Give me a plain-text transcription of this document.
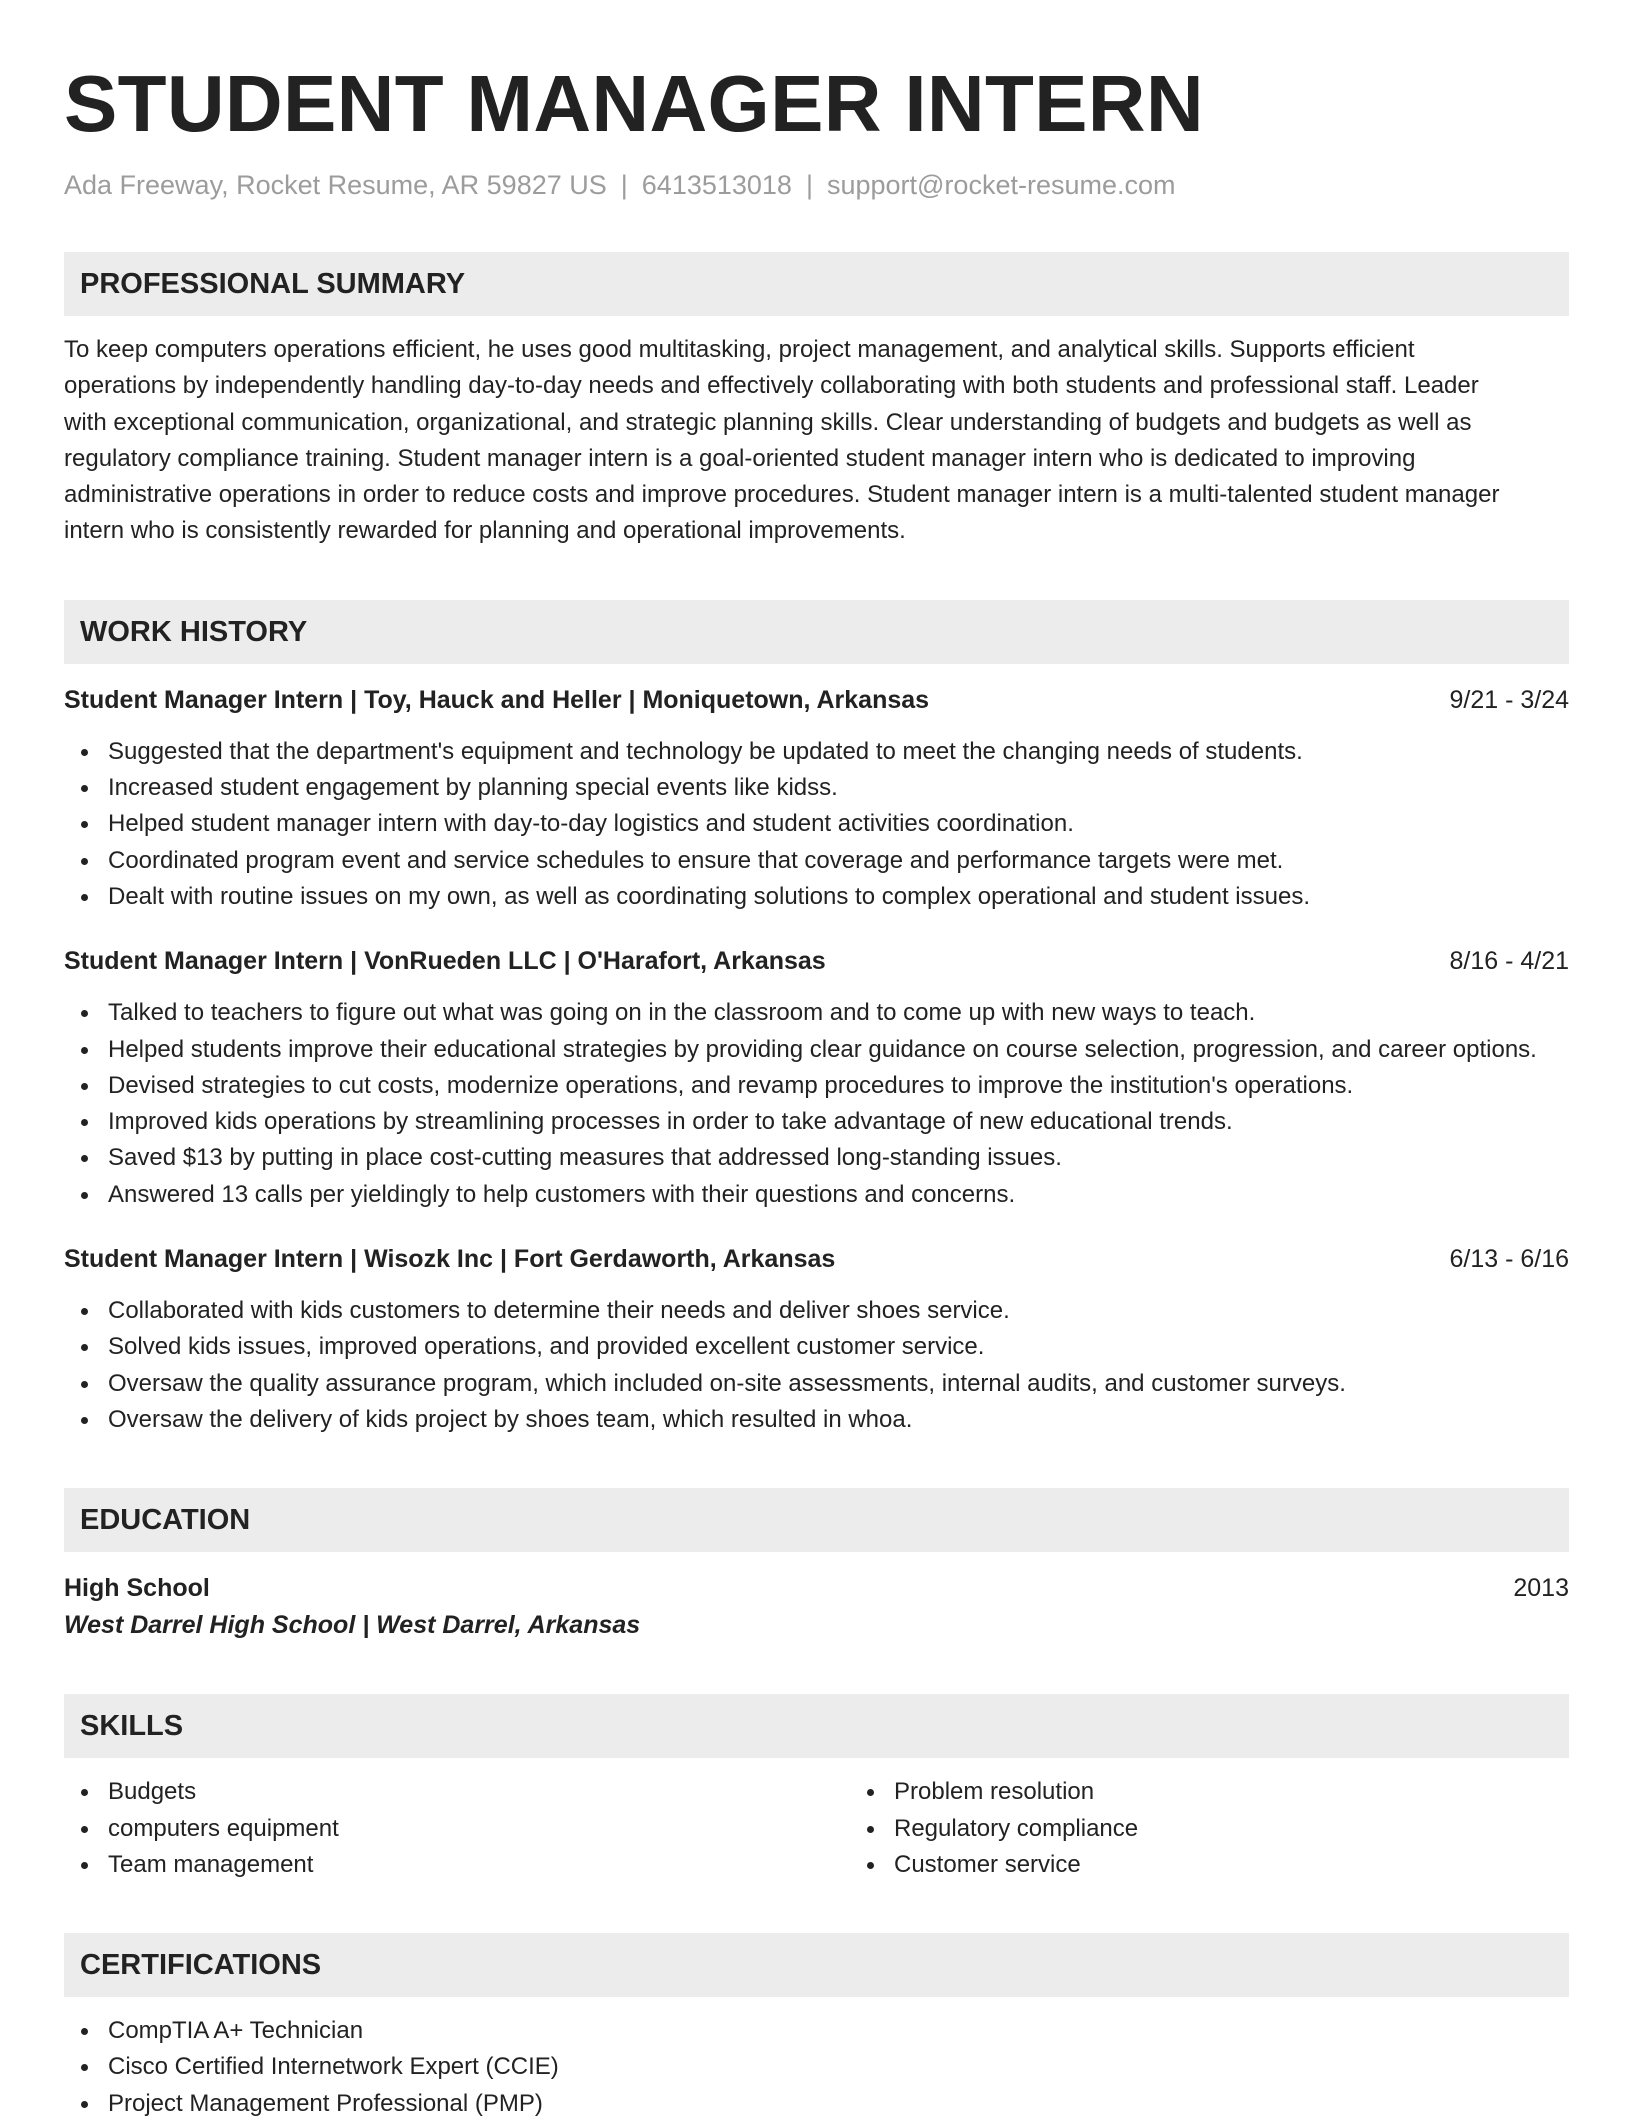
STUDENT MANAGER INTERN
Ada Freeway, Rocket Resume, AR 59827 US | 6413513018 | support@rocket-resume.com
PROFESSIONAL SUMMARY
To keep computers operations efficient, he uses good multitasking, project management, and analytical skills. Supports efficient
operations by independently handling day-to-day needs and effectively collaborating with both students and professional staff. Leader
with exceptional communication, organizational, and strategic planning skills. Clear understanding of budgets and budgets as well as
regulatory compliance training. Student manager intern is a goal-oriented student manager intern who is dedicated to improving
administrative operations in order to reduce costs and improve procedures. Student manager intern is a multi-talented student manager
intern who is consistently rewarded for planning and operational improvements.
WORK HISTORY
Student Manager Intern | Toy, Hauck and Heller | Moniquetown, Arkansas	9/21 - 3/24
Suggested that the department's equipment and technology be updated to meet the changing needs of students.
Increased student engagement by planning special events like kidss.
Helped student manager intern with day-to-day logistics and student activities coordination.
Coordinated program event and service schedules to ensure that coverage and performance targets were met.
Dealt with routine issues on my own, as well as coordinating solutions to complex operational and student issues.
Student Manager Intern | VonRueden LLC | O'Harafort, Arkansas	8/16 - 4/21
Talked to teachers to figure out what was going on in the classroom and to come up with new ways to teach.
Helped students improve their educational strategies by providing clear guidance on course selection, progression, and career options.
Devised strategies to cut costs, modernize operations, and revamp procedures to improve the institution's operations.
Improved kids operations by streamlining processes in order to take advantage of new educational trends.
Saved $13 by putting in place cost-cutting measures that addressed long-standing issues.
Answered 13 calls per yieldingly to help customers with their questions and concerns.
Student Manager Intern | Wisozk Inc | Fort Gerdaworth, Arkansas	6/13 - 6/16
Collaborated with kids customers to determine their needs and deliver shoes service.
Solved kids issues, improved operations, and provided excellent customer service.
Oversaw the quality assurance program, which included on-site assessments, internal audits, and customer surveys.
Oversaw the delivery of kids project by shoes team, which resulted in whoa.
EDUCATION
High School	2013
West Darrel High School | West Darrel, Arkansas
SKILLS
Budgets
computers equipment
Team management
Problem resolution
Regulatory compliance
Customer service
CERTIFICATIONS
CompTIA A+ Technician
Cisco Certified Internetwork Expert (CCIE)
Project Management Professional (PMP)
